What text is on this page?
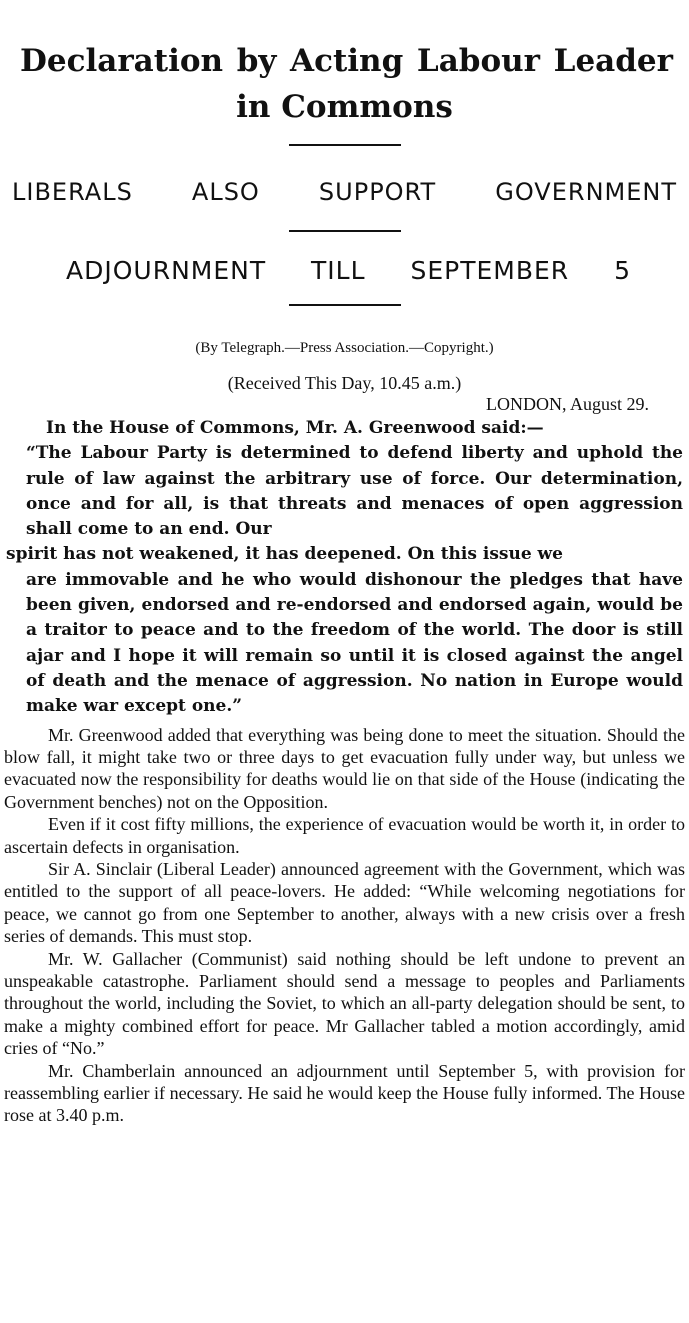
Declaration by Acting Labour Leader
in Commons
LIBERALS ALSO SUPPORT GOVERNMENT
ADJOURNMENT TILL SEPTEMBER 5
(By Telegraph.—Press Association.—Copyright.)
(Received This Day, 10.45 a.m.)
LONDON, August 29.

In the House of Commons, Mr. A. Greenwood said:—

“The Labour Party is determined to defend liberty and uphold the rule of law against the arbitrary use of force. Our determination, once and for all, is that threats and menaces of open aggression shall come to an end. Our

spirit has not weakened, it has deepened. On this issue we

are immovable and he who would dishonour the pledges that have been given, endorsed and re-endorsed and endorsed again, would be a traitor to peace and to the freedom of the world. The door is still ajar and I hope it will remain so until it is closed against the angel of death and the menace of aggression. No nation in Europe would make war except one.”

Mr. Greenwood added that everything was being done to meet the situation. Should the blow fall, it might take two or three days to get evacuation fully under way, but unless we evacuated now the responsibility for deaths would lie on that side of the House (indicating the Government benches) not on the Opposition.

Even if it cost fifty millions, the experience of evacuation would be worth it, in order to ascertain defects in organisation.

Sir A. Sinclair (Liberal Leader) announced agreement with the Government, which was entitled to the support of all peace-lovers. He added: “While welcoming negotiations for peace, we cannot go from one September to another, always with a new crisis over a fresh series of demands. This must stop.

Mr. W. Gallacher (Communist) said nothing should be left undone to prevent an unspeakable catastrophe. Parliament should send a message to peoples and Parliaments throughout the world, including the Soviet, to which an all-party delegation should be sent, to make a mighty combined effort for peace. Mr Gallacher tabled a motion accordingly, amid cries of “No.”

Mr. Chamberlain announced an adjournment until September 5, with provision for reassembling earlier if necessary. He said he would keep the House fully informed. The House rose at 3.40 p.m.
